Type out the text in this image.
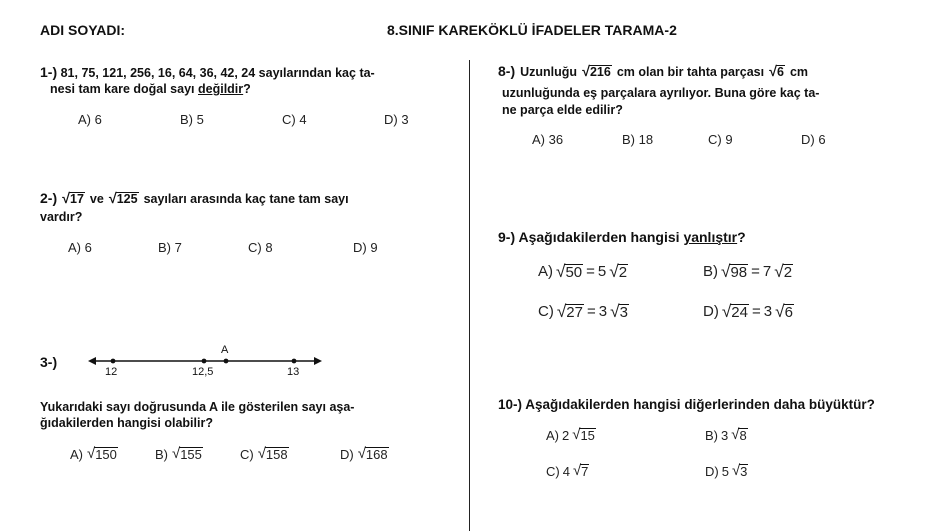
ADI SOYADI:	8.SINIF KAREKÖKLÜ İFADELER TARAMA-2
1-) 81, 75, 121, 256, 16, 64, 36, 42, 24 sayılarından kaç ta-
nesi tam kare doğal sayı değildir?
A) 6	B) 5	C) 4	D) 3
2-) √ 17 ve √ 125 sayıları arasında kaç tane tam sayı
vardır?
A) 6	B) 7	C) 8	D) 9
3-)
A
12	12,5	13
Yukarıdaki sayı doğrusunda A ile gösterilen sayı aşa-
ğıdakilerden hangisi olabilir?
A) √ 150	B) √ 155	C) √ 158	D) √ 168
8-) Uzunluğu √ 216 cm olan bir tahta parçası √ 6 cm
uzunluğunda eş parçalara ayrılıyor. Buna göre kaç ta-
ne parça elde edilir?
A) 36	B) 18	C) 9	D) 6
9-) Aşağıdakilerden hangisi yanlıştır?
A) √ 50 = 5 √ 2	B) √ 98 = 7 √ 2
C) √ 27 = 3 √ 3	D) √ 24 = 3 √ 6
10-) Aşağıdakilerden hangisi diğerlerinden daha büyüktür?
A) 2 √ 15	B) 3 √ 8
C) 4 √ 7	D) 5 √ 3
